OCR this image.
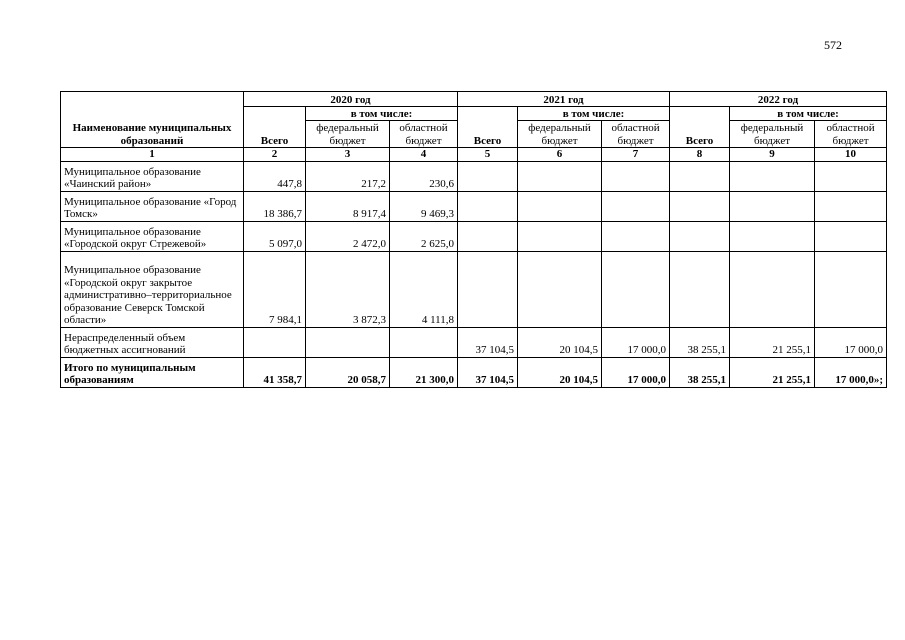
572
Наименование муниципальных образований	2020 год			2021 год			2022 год		
	Всего	в том числе:		Всего	в том числе:		Всего	в том числе:	
		федеральный бюджет	областной бюджет		федеральный бюджет	областной бюджет		федеральный бюджет	областной бюджет
1	2	3	4	5	6	7	8	9	10
Муниципальное образование «Чаинский район»	447,8	217,2	230,6						
Муниципальное образование «Город Томск»	18 386,7	8 917,4	9 469,3						
Муниципальное образование «Городской округ Стрежевой»	5 097,0	2 472,0	2 625,0						
Муниципальное образование «Городской округ закрытое административно–территориальное образование Северск Томской области»	7 984,1	3 872,3	4 111,8						
Нераспределенный объем бюджетных ассигнований				37 104,5	20 104,5	17 000,0	38 255,1	21 255,1	17 000,0
Итого по муниципальным образованиям	41 358,7	20 058,7	21 300,0	37 104,5	20 104,5	17 000,0	38 255,1	21 255,1	17 000,0»;
